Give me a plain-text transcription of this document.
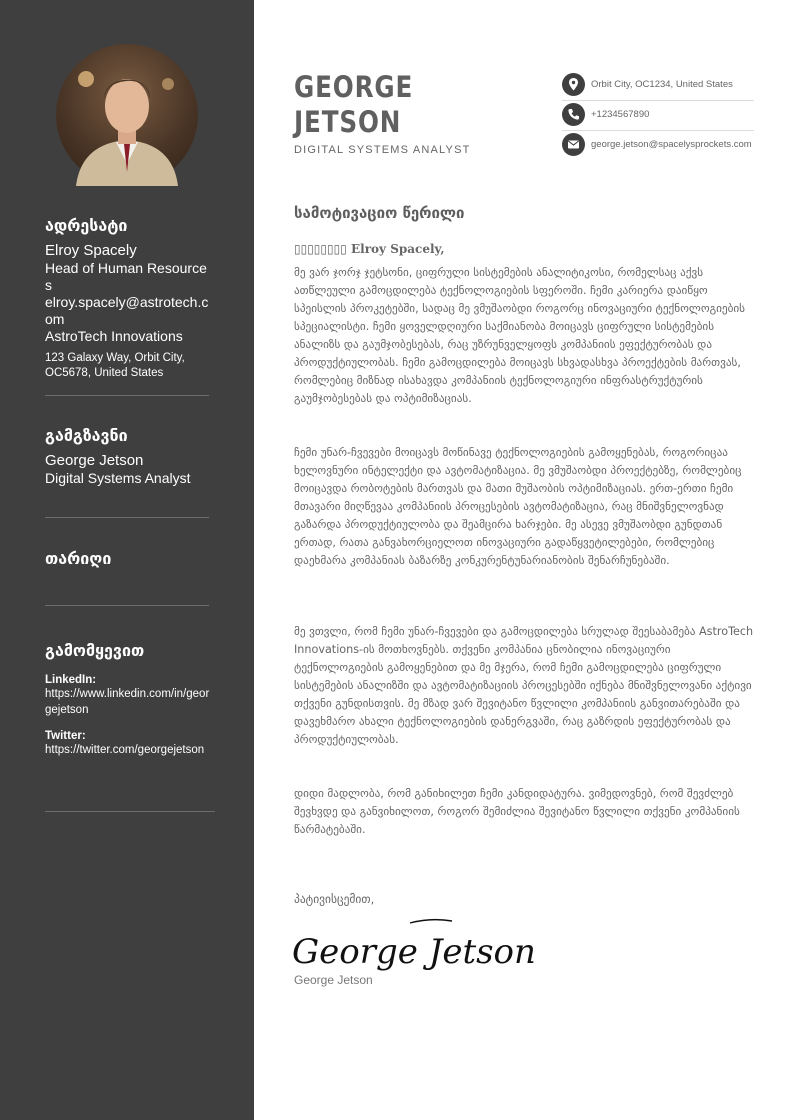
ადრესატი

Elroy Spacely

Head of Human Resources

elroy.spacely@astrotech.com

AstroTech Innovations

123 Galaxy Way, Orbit City, OC5678, United States

გამგზავნი

George Jetson

Digital Systems Analyst

თარიღი

გამომყევით

LinkedIn:

https://www.linkedin.com/in/georgejetson

Twitter:

https://twitter.com/georgejetson

GEORGE
JETSON
DIGITAL SYSTEMS ANALYST
Orbit City, OC1234, United States
+1234567890
george.jetson@spacelysprockets.com
სამოტივაციო წერილი
▯▯▯▯▯▯▯▯ Elroy Spacely,

მე ვარ ჯორჯ ჯეტსონი, ციფრული სისტემების ანალიტიკოსი, რომელსაც აქვს ათწლეული გამოცდილება ტექნოლოგიების სფეროში. ჩემი კარიერა დაიწყო სპეისლის პროკეტებში, სადაც მე ვმუშაობდი როგორც ინოვაციური ტექნოლოგიების სპეციალისტი. ჩემი ყოველდღიური საქმიანობა მოიცავს ციფრული სისტემების ანალიზს და გაუმჯობესებას, რაც უზრუნველყოფს კომპანიის ეფექტურობას და პროდუქტიულობას. ჩემი გამოცდილება მოიცავს სხვადასხვა პროექტების მართვას, რომლებიც მიზნად ისახავდა კომპანიის ტექნოლოგიური ინფრასტრუქტურის გაუმჯობესებას და ოპტიმიზაციას.

ჩემი უნარ-ჩვევები მოიცავს მოწინავე ტექნოლოგიების გამოყენებას, როგორიცაა ხელოვნური ინტელექტი და ავტომატიზაცია. მე ვმუშაობდი პროექტებზე, რომლებიც მოიცავდა რობოტების მართვას და მათი მუშაობის ოპტიმიზაციას. ერთ-ერთი ჩემი მთავარი მიღწევაა კომპანიის პროცესების ავტომატიზაცია, რაც მნიშვნელოვნად გაზარდა პროდუქტიულობა და შეამცირა ხარჯები. მე ასევე ვმუშაობდი გუნდთან ერთად, რათა განვახორციელოთ ინოვაციური გადაწყვეტილებები, რომლებიც დაეხმარა კომპანიას ბაზარზე კონკურენტუნარიანობის შენარჩუნებაში.

მე ვთვლი, რომ ჩემი უნარ-ჩვევები და გამოცდილება სრულად შეესაბამება AstroTech Innovations-ის მოთხოვნებს. თქვენი კომპანია ცნობილია ინოვაციური ტექნოლოგიების გამოყენებით და მე მჯერა, რომ ჩემი გამოცდილება ციფრული სისტემების ანალიზში და ავტომატიზაციის პროცესებში იქნება მნიშვნელოვანი აქტივი თქვენი გუნდისთვის. მე მზად ვარ შევიტანო წვლილი კომპანიის განვითარებაში და დავეხმარო ახალი ტექნოლოგიების დანერგვაში, რაც გაზრდის ეფექტურობას და პროდუქტიულობას.

დიდი მადლობა, რომ განიხილეთ ჩემი კანდიდატურა. ვიმედოვნებ, რომ შევძლებ შევხვდე და განვიხილოთ, როგორ შემიძლია შევიტანო წვლილი თქვენი კომპანიის წარმატებაში.

პატივისცემით,
George Jetson
George Jetson
